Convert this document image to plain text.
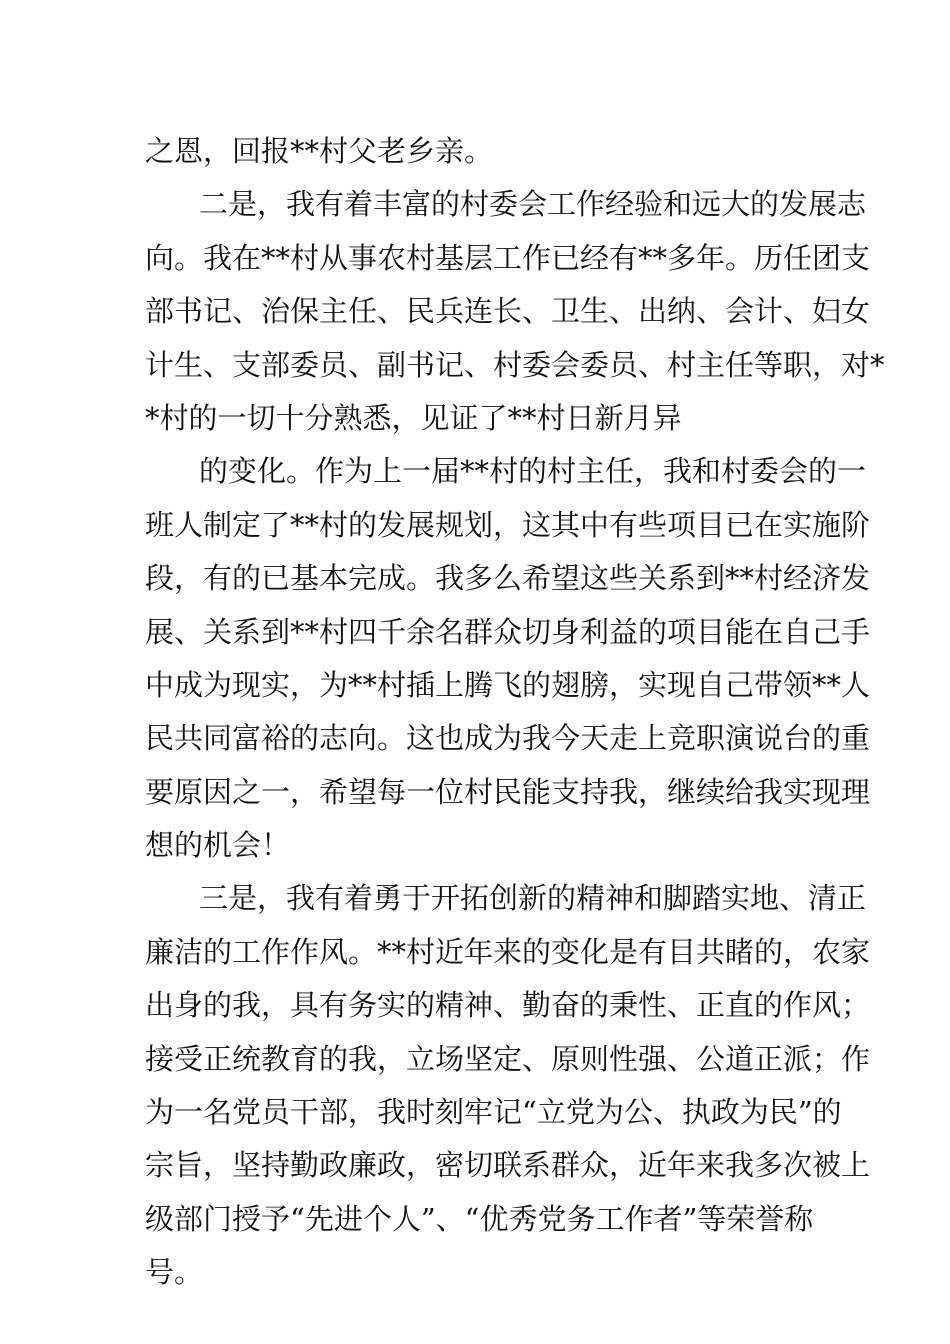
之恩，回报**村父老乡亲。
二是，我有着丰富的村委会工作经验和远大的发展志
向。我在**村从事农村基层工作已经有**多年。历任团支
部书记、治保主任、民兵连长、卫生、出纳、会计、妇女
计生、支部委员、副书记、村委会委员、村主任等职，对*
*村的一切十分熟悉，见证了**村日新月异
的变化。作为上一届**村的村主任，我和村委会的一
班人制定了**村的发展规划，这其中有些项目已在实施阶
段，有的已基本完成。我多么希望这些关系到**村经济发
展、关系到**村四千余名群众切身利益的项目能在自己手
中成为现实，为**村插上腾飞的翅膀，实现自己带领**人
民共同富裕的志向。这也成为我今天走上竞职演说台的重
要原因之一，希望每一位村民能支持我，继续给我实现理
想的机会！
三是，我有着勇于开拓创新的精神和脚踏实地、清正
廉洁的工作作风。**村近年来的变化是有目共睹的，农家
出身的我，具有务实的精神、勤奋的秉性、正直的作风；
接受正统教育的我，立场坚定、原则性强、公道正派；作
为一名党员干部，我时刻牢记“立党为公、执政为民”的
宗旨，坚持勤政廉政，密切联系群众，近年来我多次被上
级部门授予“先进个人”、“优秀党务工作者”等荣誉称
号。
